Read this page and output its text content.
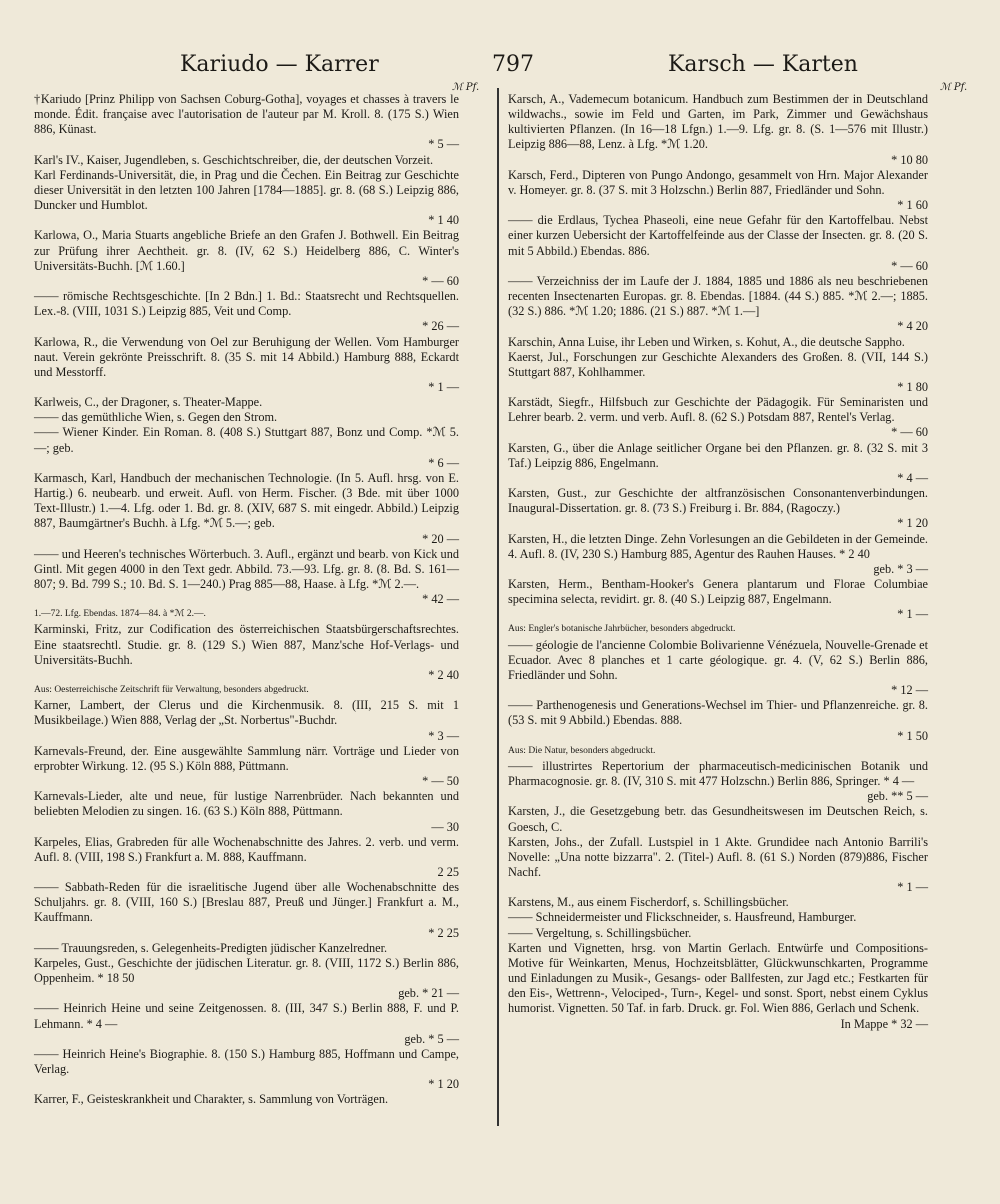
Kariudo — Karrer	797	Karsch — Karten
ℳ Pf.	ℳ Pf.
†Kariudo [Prinz Philipp von Sachsen Coburg-Gotha], voyages et chasses à travers le monde. Édit. française avec l'autorisation de l'auteur par M. Kroll. 8. (175 S.) Wien 886, Künast.
* 5 —
Karl's IV., Kaiser, Jugendleben, s. Geschichtschreiber, die, der deutschen Vorzeit.
Karl Ferdinands-Universität, die, in Prag und die Čechen. Ein Beitrag zur Geschichte dieser Universität in den letzten 100 Jahren [1784—1885]. gr. 8. (68 S.) Leipzig 886, Duncker und Humblot.
* 1 40
Karlowa, O., Maria Stuarts angebliche Briefe an den Grafen J. Bothwell. Ein Beitrag zur Prüfung ihrer Aechtheit. gr. 8. (IV, 62 S.) Heidelberg 886, C. Winter's Universitäts-Buchh. [ℳ 1.60.]
* — 60
—— römische Rechtsgeschichte. [In 2 Bdn.] 1. Bd.: Staatsrecht und Rechtsquellen. Lex.-8. (VIII, 1031 S.) Leipzig 885, Veit und Comp.
* 26 —
Karlowa, R., die Verwendung von Oel zur Beruhigung der Wellen. Vom Hamburger naut. Verein gekrönte Preisschrift. 8. (35 S. mit 14 Abbild.) Hamburg 888, Eckardt und Messtorff.
* 1 —
Karlweis, C., der Dragoner, s. Theater-Mappe.
—— das gemüthliche Wien, s. Gegen den Strom.
—— Wiener Kinder. Ein Roman. 8. (408 S.) Stuttgart 887, Bonz und Comp. *ℳ 5.—; geb.
* 6 —
Karmasch, Karl, Handbuch der mechanischen Technologie. (In 5. Aufl. hrsg. von E. Hartig.) 6. neubearb. und erweit. Aufl. von Herm. Fischer. (3 Bde. mit über 1000 Text-Illustr.) 1.—4. Lfg. oder 1. Bd. gr. 8. (XIV, 687 S. mit eingedr. Abbild.) Leipzig 887, Baumgärtner's Buchh. à Lfg. *ℳ 5.—; geb.
* 20 —
—— und Heeren's technisches Wörterbuch. 3. Aufl., ergänzt und bearb. von Kick und Gintl. Mit gegen 4000 in den Text gedr. Abbild. 73.—93. Lfg. gr. 8. (8. Bd. S. 161—807; 9. Bd. 799 S.; 10. Bd. S. 1—240.) Prag 885—88, Haase. à Lfg. *ℳ 2.—.
* 42 —
1.—72. Lfg. Ebendas. 1874—84. à *ℳ 2.—.
Karminski, Fritz, zur Codification des österreichischen Staatsbürgerschaftsrechtes. Eine staatsrechtl. Studie. gr. 8. (129 S.) Wien 887, Manz'sche Hof-Verlags- und Universitäts-Buchh.
* 2 40
Aus: Oesterreichische Zeitschrift für Verwaltung, besonders abgedruckt.
Karner, Lambert, der Clerus und die Kirchenmusik. 8. (III, 215 S. mit 1 Musikbeilage.) Wien 888, Verlag der „St. Norbertus"-Buchdr.
* 3 —
Karnevals-Freund, der. Eine ausgewählte Sammlung närr. Vorträge und Lieder von erprobter Wirkung. 12. (95 S.) Köln 888, Püttmann.
* — 50
Karnevals-Lieder, alte und neue, für lustige Narrenbrüder. Nach bekannten und beliebten Melodien zu singen. 16. (63 S.) Köln 888, Püttmann.
— 30
Karpeles, Elias, Grabreden für alle Wochenabschnitte des Jahres. 2. verb. und verm. Aufl. 8. (VIII, 198 S.) Frankfurt a. M. 888, Kauffmann.
2 25
—— Sabbath-Reden für die israelitische Jugend über alle Wochenabschnitte des Schuljahrs. gr. 8. (VIII, 160 S.) [Breslau 887, Preuß und Jünger.] Frankfurt a. M., Kauffmann.
* 2 25
—— Trauungsreden, s. Gelegenheits-Predigten jüdischer Kanzelredner.
Karpeles, Gust., Geschichte der jüdischen Literatur. gr. 8. (VIII, 1172 S.) Berlin 886, Oppenheim. * 18 50
geb. * 21 —
—— Heinrich Heine und seine Zeitgenossen. 8. (III, 347 S.) Berlin 888, F. und P. Lehmann. * 4 —
geb. * 5 —
—— Heinrich Heine's Biographie. 8. (150 S.) Hamburg 885, Hoffmann und Campe, Verlag.
* 1 20
Karrer, F., Geisteskrankheit und Charakter, s. Sammlung von Vorträgen.
Karsch, A., Vademecum botanicum. Handbuch zum Bestimmen der in Deutschland wildwachs., sowie im Feld und Garten, im Park, Zimmer und Gewächshaus kultivierten Pflanzen. (In 16—18 Lfgn.) 1.—9. Lfg. gr. 8. (S. 1—576 mit Illustr.) Leipzig 886—88, Lenz. à Lfg. *ℳ 1.20.
* 10 80
Karsch, Ferd., Dipteren von Pungo Andongo, gesammelt von Hrn. Major Alexander v. Homeyer. gr. 8. (37 S. mit 3 Holzschn.) Berlin 887, Friedländer und Sohn.
* 1 60
—— die Erdlaus, Tychea Phaseoli, eine neue Gefahr für den Kartoffelbau. Nebst einer kurzen Uebersicht der Kartoffelfeinde aus der Classe der Insecten. gr. 8. (20 S. mit 5 Abbild.) Ebendas. 886.
* — 60
—— Verzeichniss der im Laufe der J. 1884, 1885 und 1886 als neu beschriebenen recenten Insectenarten Europas. gr. 8. Ebendas. [1884. (44 S.) 885. *ℳ 2.—; 1885. (32 S.) 886. *ℳ 1.20; 1886. (21 S.) 887. *ℳ 1.—]
* 4 20
Karschin, Anna Luise, ihr Leben und Wirken, s. Kohut, A., die deutsche Sappho.
Kaerst, Jul., Forschungen zur Geschichte Alexanders des Großen. 8. (VII, 144 S.) Stuttgart 887, Kohlhammer.
* 1 80
Karstädt, Siegfr., Hilfsbuch zur Geschichte der Pädagogik. Für Seminaristen und Lehrer bearb. 2. verm. und verb. Aufl. 8. (62 S.) Potsdam 887, Rentel's Verlag.
* — 60
Karsten, G., über die Anlage seitlicher Organe bei den Pflanzen. gr. 8. (32 S. mit 3 Taf.) Leipzig 886, Engelmann.
* 4 —
Karsten, Gust., zur Geschichte der altfranzösischen Consonantenverbindungen. Inaugural-Dissertation. gr. 8. (73 S.) Freiburg i. Br. 884, (Ragoczy.)
* 1 20
Karsten, H., die letzten Dinge. Zehn Vorlesungen an die Gebildeten in der Gemeinde. 4. Aufl. 8. (IV, 230 S.) Hamburg 885, Agentur des Rauhen Hauses. * 2 40
geb. * 3 —
Karsten, Herm., Bentham-Hooker's Genera plantarum und Florae Columbiae specimina selecta, revidirt. gr. 8. (40 S.) Leipzig 887, Engelmann.
* 1 —
Aus: Engler's botanische Jahrbücher, besonders abgedruckt.
—— géologie de l'ancienne Colombie Bolivarienne Vénézuela, Nouvelle-Grenade et Ecuador. Avec 8 planches et 1 carte géologique. gr. 4. (V, 62 S.) Berlin 886, Friedländer und Sohn.
* 12 —
—— Parthenogenesis und Generations-Wechsel im Thier- und Pflanzenreiche. gr. 8. (53 S. mit 9 Abbild.) Ebendas. 888.
* 1 50
Aus: Die Natur, besonders abgedruckt.
—— illustrirtes Repertorium der pharmaceutisch-medicinischen Botanik und Pharmacognosie. gr. 8. (IV, 310 S. mit 477 Holzschn.) Berlin 886, Springer. * 4 —
geb. ** 5 —
Karsten, J., die Gesetzgebung betr. das Gesundheitswesen im Deutschen Reich, s. Goesch, C.
Karsten, Johs., der Zufall. Lustspiel in 1 Akte. Grundidee nach Antonio Barrili's Novelle: „Una notte bizzarra". 2. (Titel-) Aufl. 8. (61 S.) Norden (879)886, Fischer Nachf.
* 1 —
Karstens, M., aus einem Fischerdorf, s. Schillingsbücher.
—— Schneidermeister und Flickschneider, s. Hausfreund, Hamburger.
—— Vergeltung, s. Schillingsbücher.
Karten und Vignetten, hrsg. von Martin Gerlach. Entwürfe und Compositions-Motive für Weinkarten, Menus, Hochzeitsblätter, Glückwunschkarten, Programme und Einladungen zu Musik-, Gesangs- oder Ballfesten, zur Jagd etc.; Festkarten für den Eis-, Wettrenn-, Velociped-, Turn-, Kegel- und sonst. Sport, nebst einem Cyklus humorist. Vignetten. 50 Taf. in farb. Druck. gr. Fol. Wien 886, Gerlach und Schenk.
In Mappe * 32 —
